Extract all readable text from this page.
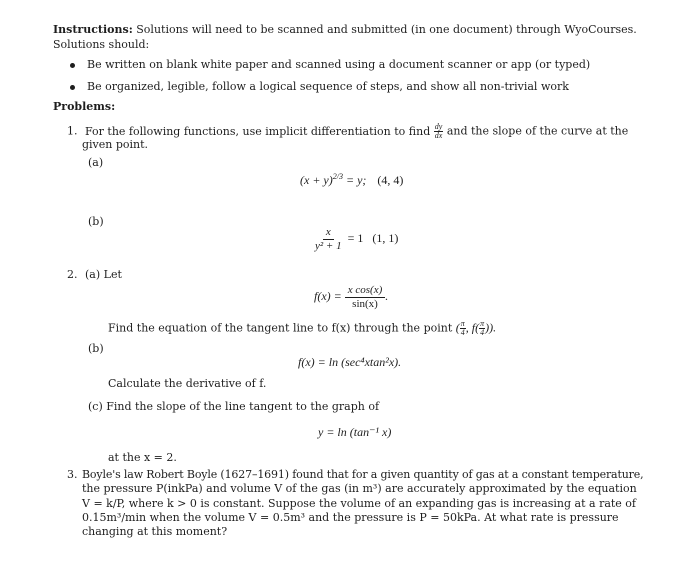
Instructions: Solutions will need to be scanned and submitted (in one document) through WyoCourses.
Solutions should:
Be written on blank white paper and scanned using a document scanner or app (or typed)
Be organized, legible, follow a logical sequence of steps, and show all non-trivial work
Problems:
1. For the following functions, use implicit differentiation to find $\frac{dy}{dx}$ and the slope of the curve at the
given point.
(a)
$(x + y)^{2/3} = y$; (4, 4)
(b)
$\frac{x}{\text{y² + 1}} = 1$ (1, 1)
2. (a) Let
$f(x) = \frac{\text{x cos(x)}}{\sin(x)}$ .
Find the equation of the tangent line to f(x) through the point ( $\frac{\pi}{4}$ , $f( \frac{\pi}{4}$ )).
(b)
f(x) = ln (sec⁴xtan²x).
Calculate the derivative of f.
(c) Find the slope of the line tangent to the graph of
y = ln (tan⁻¹ x)
at the x = 2.
3. Boyle's law Robert Boyle (1627–1691) found that for a given quantity of gas at a constant temperature,
the pressure P(inkPa) and volume V of the gas (in m³) are accurately approximated by the equation
V = k/P, where k > 0 is constant. Suppose the volume of an expanding gas is increasing at a rate of
0.15m³/min when the volume V = 0.5m³ and the pressure is P = 50kPa. At what rate is pressure
changing at this moment?
